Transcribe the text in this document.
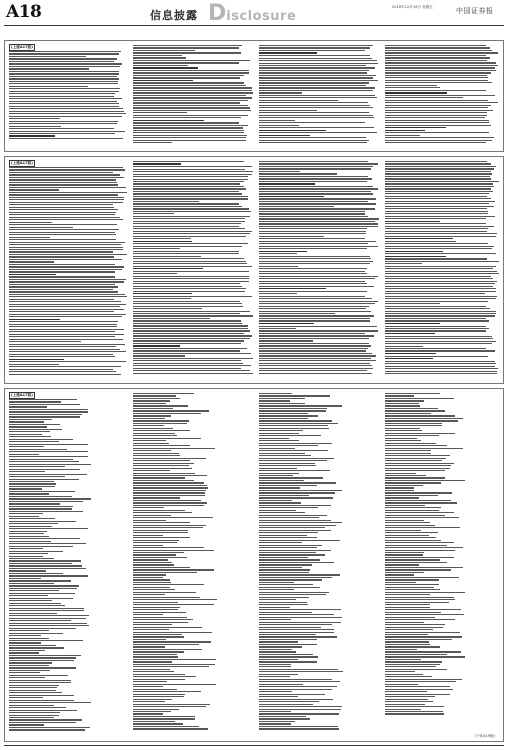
A18	信息披露 Disclosure
2016年12月16日 星期五	中国证券报
(上接A17版)
(上接A17版)
(上接A17版)
(下转A19版)
